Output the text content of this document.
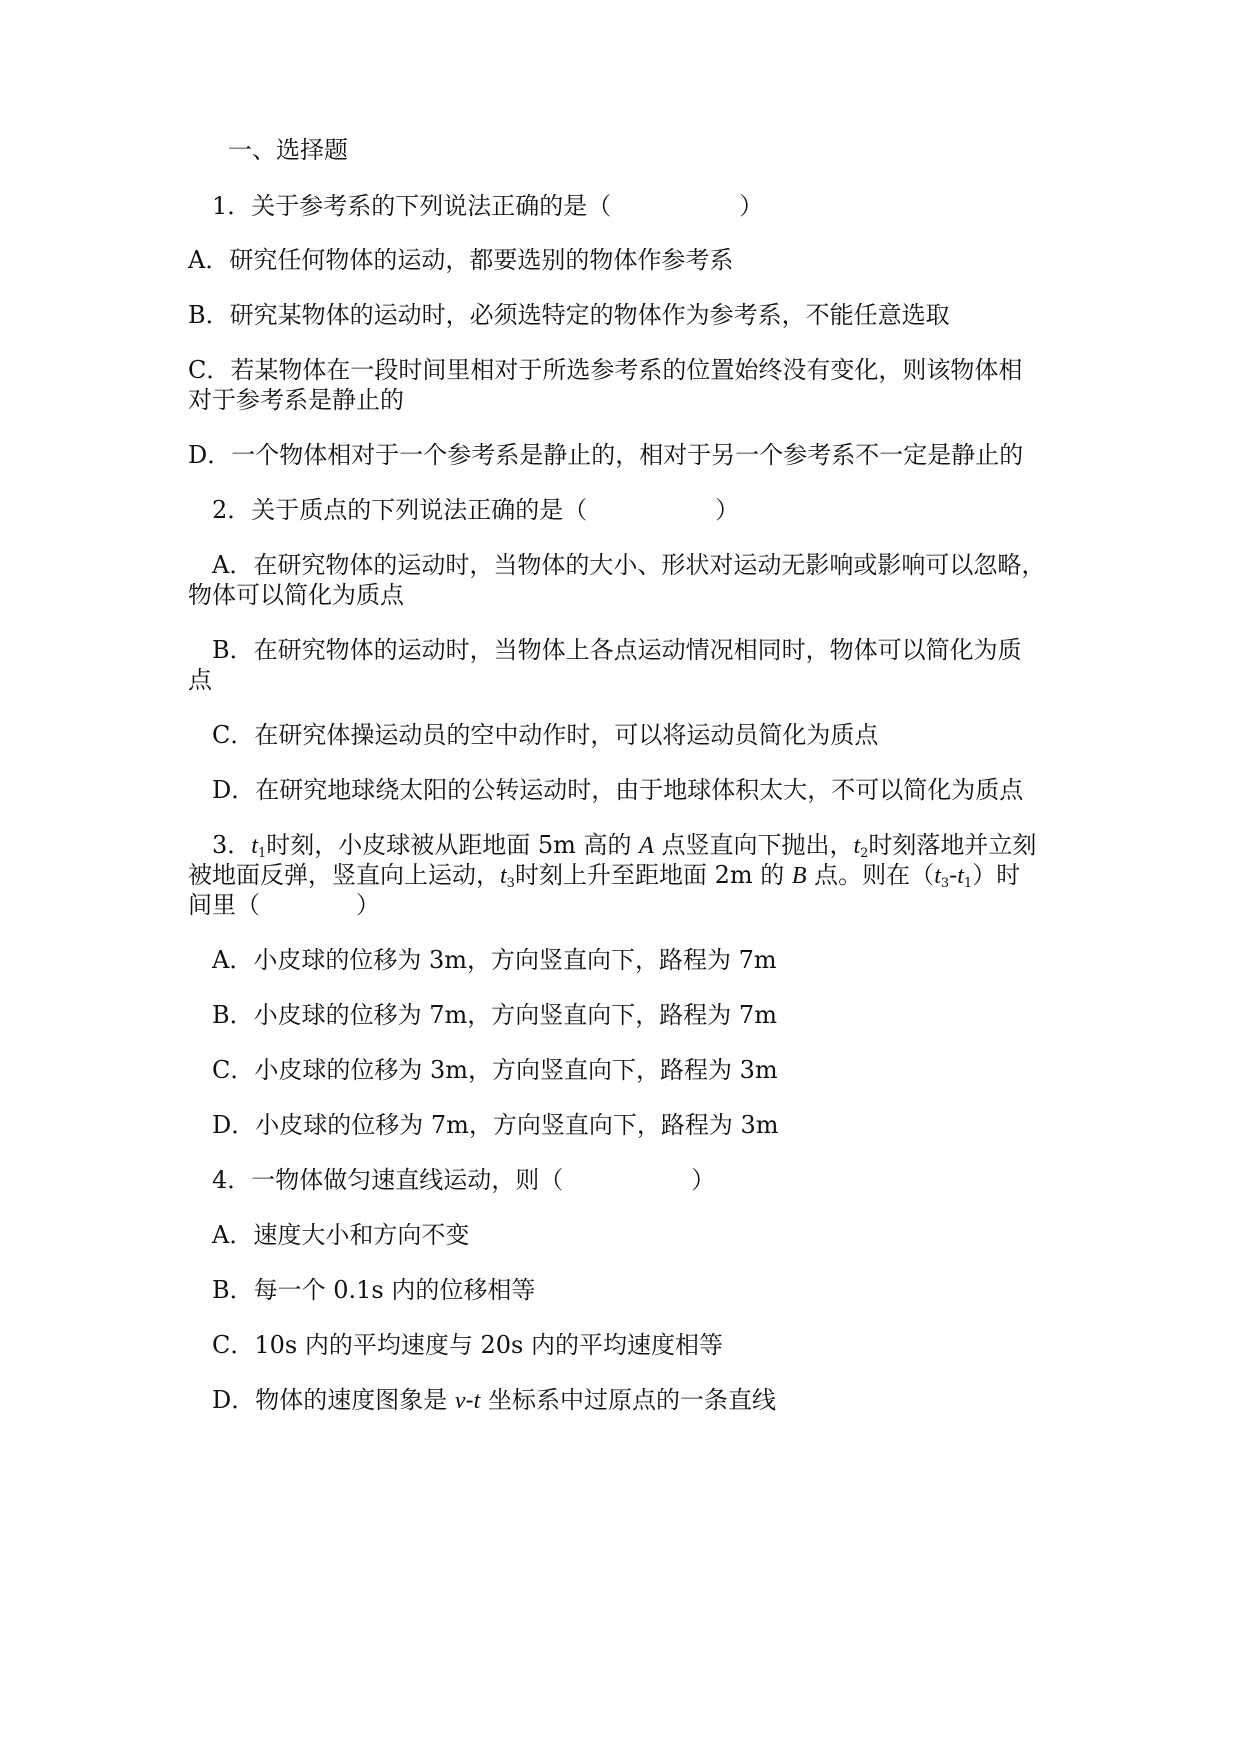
一、选择题
1．关于参考系的下列说法正确的是（	）
A．研究任何物体的运动，都要选别的物体作参考系
B．研究某物体的运动时，必须选特定的物体作为参考系，不能任意选取
C．若某物体在一段时间里相对于所选参考系的位置始终没有变化，则该物体相
对于参考系是静止的
D．一个物体相对于一个参考系是静止的，相对于另一个参考系不一定是静止的
2．关于质点的下列说法正确的是（	）
A．在研究物体的运动时，当物体的大小、形状对运动无影响或影响可以忽略，
物体可以简化为质点
B．在研究物体的运动时，当物体上各点运动情况相同时，物体可以简化为质
点
C．在研究体操运动员的空中动作时，可以将运动员简化为质点
D．在研究地球绕太阳的公转运动时，由于地球体积太大，不可以简化为质点
3．$t_1$时刻，小皮球被从距地面 5m 高的 A 点竖直向下抛出，$t_2$时刻落地并立刻
被地面反弹，竖直向上运动，$t_3$时刻上升至距地面 2m 的 B 点。则在$(t_3-t_1)$时
间里（	）
A．小皮球的位移为 3m，方向竖直向下，路程为 7m
B．小皮球的位移为 7m，方向竖直向下，路程为 7m
C．小皮球的位移为 3m，方向竖直向下，路程为 3m
D．小皮球的位移为 7m，方向竖直向下，路程为 3m
4．一物体做匀速直线运动，则（	）
A．速度大小和方向不变
B．每一个 0.1s 内的位移相等
C．10s 内的平均速度与 20s 内的平均速度相等
D．物体的速度图象是 v-t 坐标系中过原点的一条直线
